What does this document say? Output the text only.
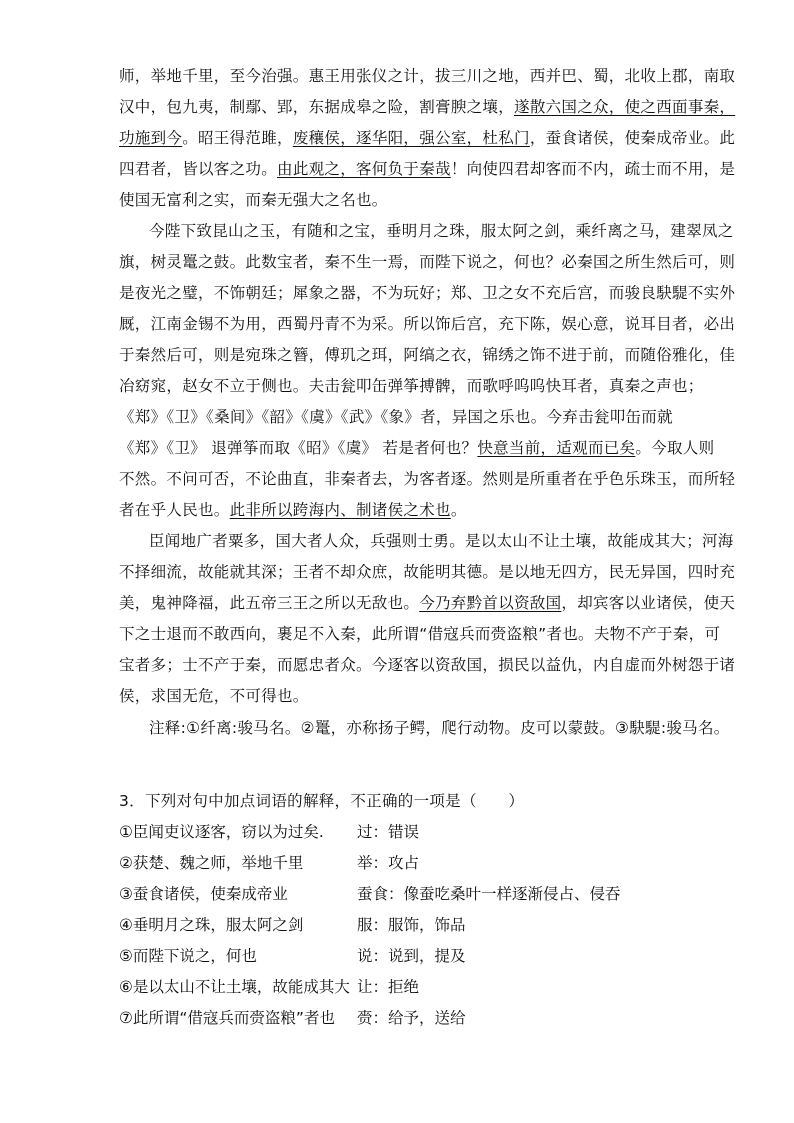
师，举地千里，至今治强。惠王用张仪之计，拔三川之地，西并巴、蜀，北收上郡，南取
汉中，包九夷，制鄢、郢，东据成皋之险，割膏腴之壤，遂散六国之众，使之西面事秦，
功施到今。昭王得范雎，废穰侯，逐华阳，强公室，杜私门，蚕食诸侯，使秦成帝业。此
四君者，皆以客之功。由此观之，客何负于秦哉！向使四君却客而不内，疏士而不用，是
使国无富利之实，而秦无强大之名也。
今陛下致昆山之玉，有随和之宝，垂明月之珠，服太阿之剑，乘纤离之马，建翠凤之
旗，树灵鼍之鼓。此数宝者，秦不生一焉，而陛下说之，何也？必秦国之所生然后可，则
是夜光之璧，不饰朝廷；犀象之器，不为玩好；郑、卫之女不充后宫，而骏良駃騠不实外
厩，江南金锡不为用，西蜀丹青不为采。所以饰后宫，充下陈，娱心意，说耳目者，必出
于秦然后可，则是宛珠之簪，傅玑之珥，阿缟之衣，锦绣之饰不进于前，而随俗雅化，佳
冶窈窕，赵女不立于侧也。夫击瓮叩缶弹筝搏髀，而歌呼呜呜快耳者，真秦之声也；
《郑》《卫》《桑间》《韶》《虞》《武》《象》者，异国之乐也。今弃击瓮叩缶而就
《郑》《卫》 退弹筝而取《昭》《虞》 若是者何也？快意当前，适观而已矣。今取人则
不然。不问可否，不论曲直，非秦者去，为客者逐。然则是所重者在乎色乐珠玉，而所轻
者在乎人民也。此非所以跨海内、制诸侯之术也。
臣闻地广者粟多，国大者人众，兵强则士勇。是以太山不让土壤，故能成其大；河海
不择细流，故能就其深；王者不却众庶，故能明其德。是以地无四方，民无异国，四时充
美，鬼神降福，此五帝三王之所以无敌也。今乃弃黔首以资敌国，却宾客以业诸侯，使天
下之士退而不敢西向，裹足不入秦，此所谓“借寇兵而赍盗粮”者也。夫物不产于秦，可
宝者多；士不产于秦，而愿忠者众。今逐客以资敌国，损民以益仇，内自虚而外树怨于诸
侯，求国无危，不可得也。
注释:①纤离:骏马名。②鼍，亦称扬子鳄，爬行动物。皮可以蒙鼓。③駃騠:骏马名。
3．下列对句中加点词语的解释，不正确的一项是（　　）
①臣闻吏议逐客，窃以为过矣. 过：错误
②获楚、魏之师，举地千里	举：攻占
③蚕食诸侯，使秦成帝业	蚕食：像蚕吃桑叶一样逐渐侵占、侵吞
④垂明月之珠，服太阿之剑	服：服饰，饰品
⑤而陛下说之，何也	说：说到，提及
⑥是以太山不让土壤，故能成其大 让：拒绝
⑦此所谓“借寇兵而赍盗粮”者也 赍：给予，送给
